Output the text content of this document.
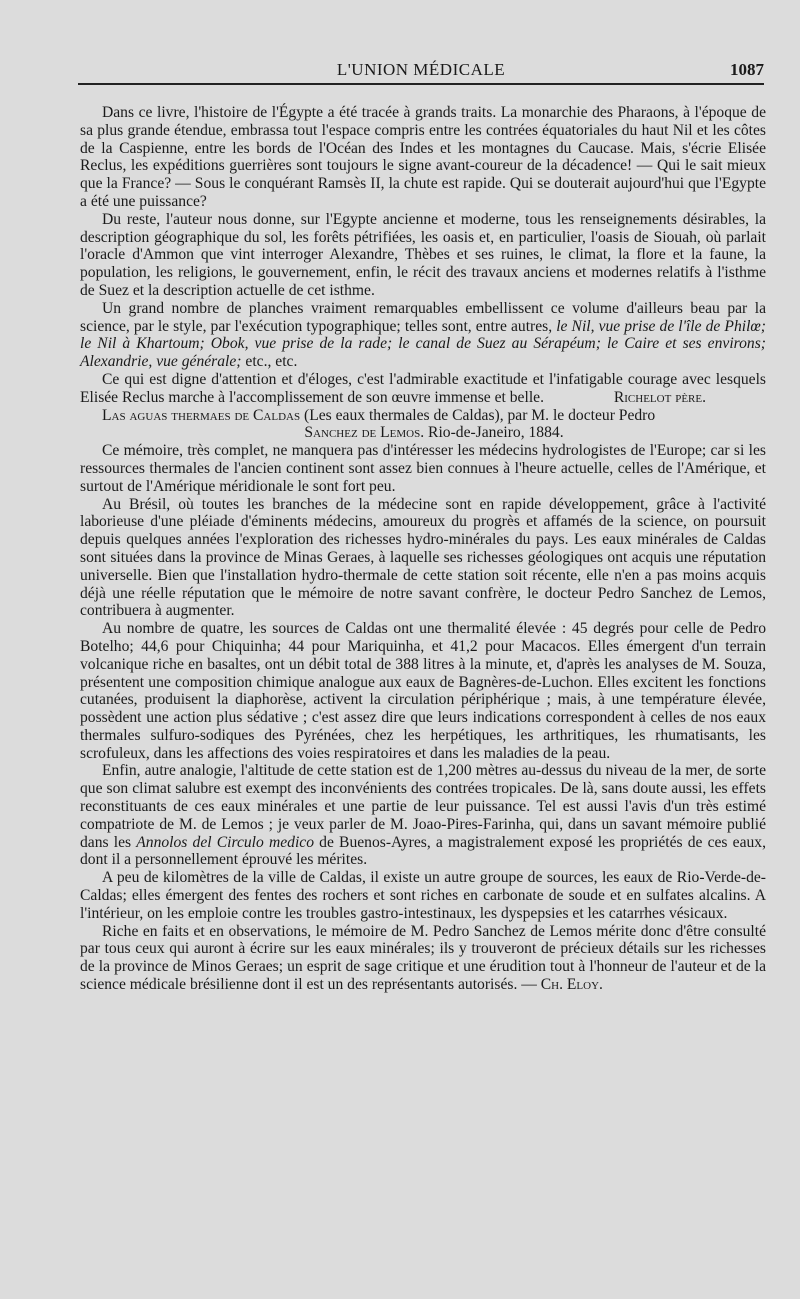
L'UNION MÉDICALE	1087

Dans ce livre, l'histoire de l'Égypte a été tracée à grands traits. La monarchie des Pharaons, à l'époque de sa plus grande étendue, embrassa tout l'espace compris entre les contrées équatoriales du haut Nil et les côtes de la Caspienne, entre les bords de l'Océan des Indes et les montagnes du Caucase. Mais, s'écrie Elisée Reclus, les expéditions guerrières sont toujours le signe avant-coureur de la décadence! — Qui le sait mieux que la France? — Sous le conquérant Ramsès II, la chute est rapide. Qui se douterait aujourd'hui que l'Egypte a été une puissance?

Du reste, l'auteur nous donne, sur l'Egypte ancienne et moderne, tous les renseignements désirables, la description géographique du sol, les forêts pétrifiées, les oasis et, en particulier, l'oasis de Siouah, où parlait l'oracle d'Ammon que vint interroger Alexandre, Thèbes et ses ruines, le climat, la flore et la faune, la population, les religions, le gouvernement, enfin, le récit des travaux anciens et modernes relatifs à l'isthme de Suez et la description actuelle de cet isthme.

Un grand nombre de planches vraiment remarquables embellissent ce volume d'ailleurs beau par la science, par le style, par l'exécution typographique; telles sont, entre autres, le Nil, vue prise de l'île de Philœ; le Nil à Khartoum; Obok, vue prise de la rade; le canal de Suez au Sérapéum; le Caire et ses environs; Alexandrie, vue générale; etc., etc.

Ce qui est digne d'attention et d'éloges, c'est l'admirable exactitude et l'infatigable courage avec lesquels Elisée Reclus marche à l'accomplissement de son œuvre immense et belle.	Richelot père.

Las aguas thermaes de Caldas (Les eaux thermales de Caldas), par M. le docteur Pedro
Sanchez de Lemos. Rio-de-Janeiro, 1884.

Ce mémoire, très complet, ne manquera pas d'intéresser les médecins hydrologistes de l'Europe; car si les ressources thermales de l'ancien continent sont assez bien connues à l'heure actuelle, celles de l'Amérique, et surtout de l'Amérique méridionale le sont fort peu.

Au Brésil, où toutes les branches de la médecine sont en rapide développement, grâce à l'activité laborieuse d'une pléiade d'éminents médecins, amoureux du progrès et affamés de la science, on poursuit depuis quelques années l'exploration des richesses hydro-minérales du pays. Les eaux minérales de Caldas sont situées dans la province de Minas Geraes, à laquelle ses richesses géologiques ont acquis une réputation universelle. Bien que l'installation hydro-thermale de cette station soit récente, elle n'en a pas moins acquis déjà une réelle réputation que le mémoire de notre savant confrère, le docteur Pedro Sanchez de Lemos, contribuera à augmenter.

Au nombre de quatre, les sources de Caldas ont une thermalité élevée : 45 degrés pour celle de Pedro Botelho; 44,6 pour Chiquinha; 44 pour Mariquinha, et 41,2 pour Macacos. Elles émergent d'un terrain volcanique riche en basaltes, ont un débit total de 388 litres à la minute, et, d'après les analyses de M. Souza, présentent une composition chimique analogue aux eaux de Bagnères-de-Luchon. Elles excitent les fonctions cutanées, produisent la diaphorèse, activent la circulation périphérique ; mais, à une température élevée, possèdent une action plus sédative ; c'est assez dire que leurs indications correspondent à celles de nos eaux thermales sulfuro-sodiques des Pyrénées, chez les herpétiques, les arthritiques, les rhumatisants, les scrofuleux, dans les affections des voies respiratoires et dans les maladies de la peau.

Enfin, autre analogie, l'altitude de cette station est de 1,200 mètres au-dessus du niveau de la mer, de sorte que son climat salubre est exempt des inconvénients des contrées tropicales. De là, sans doute aussi, les effets reconstituants de ces eaux minérales et une partie de leur puissance. Tel est aussi l'avis d'un très estimé compatriote de M. de Lemos ; je veux parler de M. Joao-Pires-Farinha, qui, dans un savant mémoire publié dans les Annolos del Circulo medico de Buenos-Ayres, a magistralement exposé les propriétés de ces eaux, dont il a personnellement éprouvé les mérites.

A peu de kilomètres de la ville de Caldas, il existe un autre groupe de sources, les eaux de Rio-Verde-de-Caldas; elles émergent des fentes des rochers et sont riches en carbonate de soude et en sulfates alcalins. A l'intérieur, on les emploie contre les troubles gastro-intestinaux, les dyspepsies et les catarrhes vésicaux.

Riche en faits et en observations, le mémoire de M. Pedro Sanchez de Lemos mérite donc d'être consulté par tous ceux qui auront à écrire sur les eaux minérales; ils y trouveront de précieux détails sur les richesses de la province de Minos Geraes; un esprit de sage critique et une érudition tout à l'honneur de l'auteur et de la science médicale brésilienne dont il est un des représentants autorisés. — Ch. Eloy.
